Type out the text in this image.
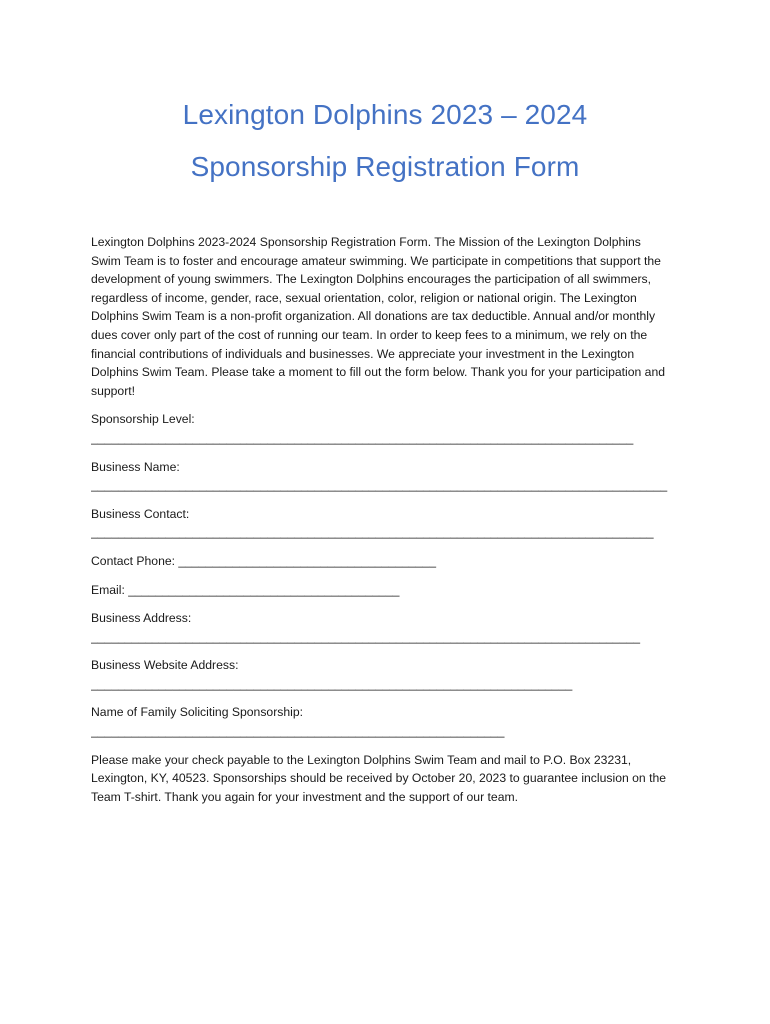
Lexington Dolphins 2023 – 2024
Sponsorship Registration Form

Lexington Dolphins 2023-2024 Sponsorship Registration Form. The Mission of the Lexington Dolphins Swim Team is to foster and encourage amateur swimming. We participate in competitions that support the development of young swimmers. The Lexington Dolphins encourages the participation of all swimmers, regardless of income, gender, race, sexual orientation, color, religion or national origin. The Lexington Dolphins Swim Team is a non-profit organization. All donations are tax deductible. Annual and/or monthly dues cover only part of the cost of running our team. In order to keep fees to a minimum, we rely on the financial contributions of individuals and businesses. We appreciate your investment in the Lexington Dolphins Swim Team. Please take a moment to fill out the form below. Thank you for your participation and support!

Sponsorship Level:
________________________________________________________________________________
Business Name:
_____________________________________________________________________________________
Business Contact:
___________________________________________________________________________________
Contact Phone: ______________________________________
Email: ________________________________________
Business Address:
_________________________________________________________________________________
Business Website Address:
_______________________________________________________________________
Name of Family Soliciting Sponsorship:
_____________________________________________________________

Please make your check payable to the Lexington Dolphins Swim Team and mail to P.O. Box 23231, Lexington, KY, 40523. Sponsorships should be received by October 20, 2023 to guarantee inclusion on the Team T-shirt. Thank you again for your investment and the support of our team.
